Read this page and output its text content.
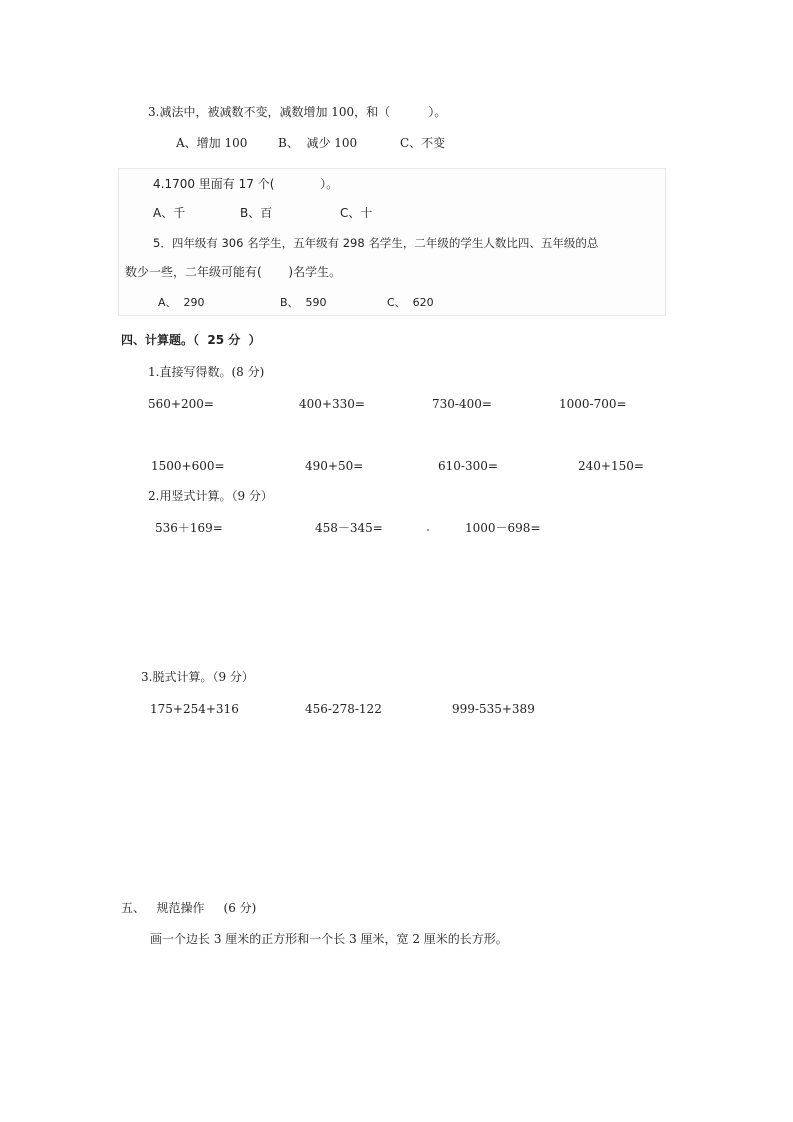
3.减法中，被减数不变，减数增加 100，和（          ）。
A、增加 100	B、  减少 100	C、不变
4.1700 里面有 17 个(            ）。
A、千	B、百	C、十
5．四年级有 306 名学生，五年级有 298 名学生，二年级的学生人数比四、五年级的总
数少一些，二年级可能有(       )名学生。
A、  290	B、  590	C、  620
四、计算题。（  25 分  ）
1.直接写得数。(8 分)
560+200=	400+330=	730-400=	1000-700=
1500+600=	490+50=	610-300=	240+150=
2.用竖式计算。（9 分）
536＋169=	458－345=	1000－698=
3.脱式计算。（9 分）
175+254+316	456-278-122	999-535+389
五、   规范操作     (6 分)
画一个边长 3 厘米的正方形和一个长 3 厘米，宽 2 厘米的长方形。
